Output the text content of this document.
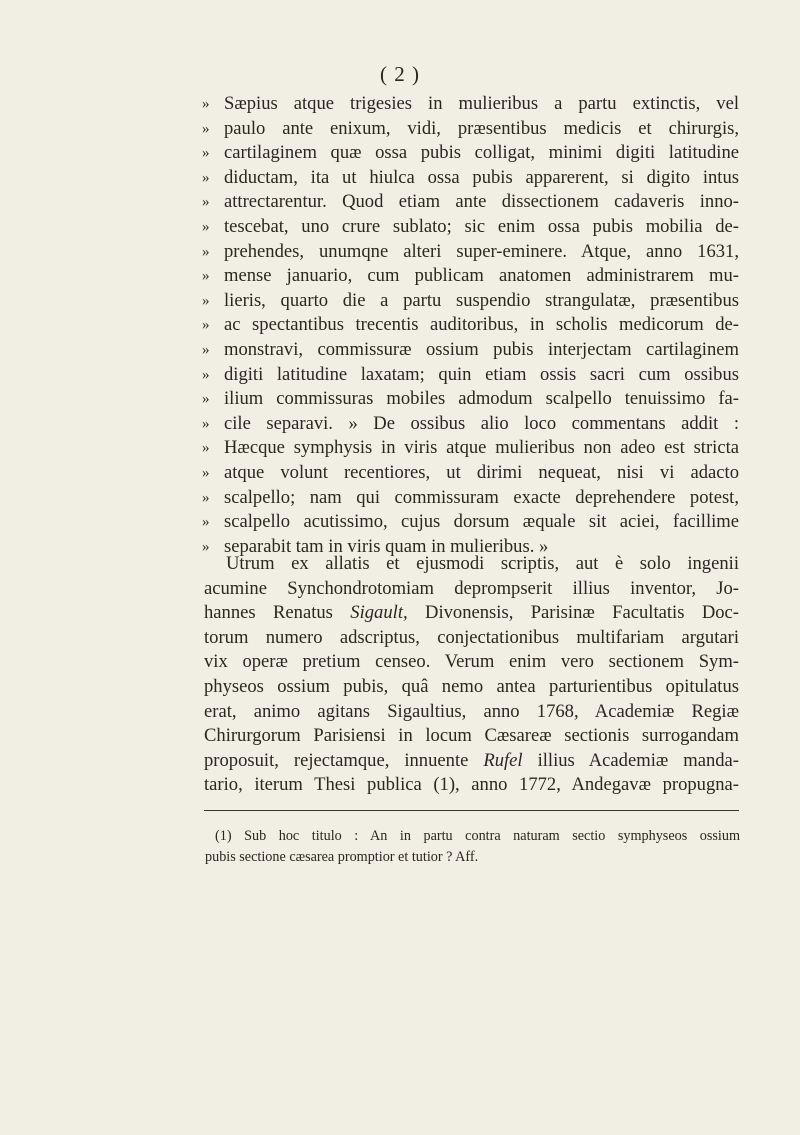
( 2 )
» Sæpius atque trigesies in mulieribus a partu extinctis, vel
» paulo ante enixum, vidi, præsentibus medicis et chirurgis,
» cartilaginem quæ ossa pubis colligat, minimi digiti latitudine
» diductam, ita ut hiulca ossa pubis apparerent, si digito intus
» attrectarentur. Quod etiam ante dissectionem cadaveris inno-
» tescebat, uno crure sublato; sic enim ossa pubis mobilia de-
» prehendes, unumqne alteri super-eminere. Atque, anno 1631,
» mense januario, cum publicam anatomen administrarem mu-
» lieris, quarto die a partu suspendio strangulatæ, præsentibus
» ac spectantibus trecentis auditoribus, in scholis medicorum de-
» monstravi, commissuræ ossium pubis interjectam cartilaginem
» digiti latitudine laxatam; quin etiam ossis sacri cum ossibus
» ilium commissuras mobiles admodum scalpello tenuissimo fa-
» cile separavi. » De ossibus alio loco commentans addit :
» Hæcque symphysis in viris atque mulieribus non adeo est stricta
» atque volunt recentiores, ut dirimi nequeat, nisi vi adacto
» scalpello; nam qui commissuram exacte deprehendere potest,
» scalpello acutissimo, cujus dorsum æquale sit aciei, facillime
» separabit tam in viris quam in mulieribus. »
Utrum ex allatis et ejusmodi scriptis, aut è solo ingenii
acumine Synchondrotomiam deprompserit illius inventor, Jo-
hannes Renatus Sigault, Divonensis, Parisinæ Facultatis Doc-
torum numero adscriptus, conjectationibus multifariam argutari
vix operæ pretium censeo. Verum enim vero sectionem Sym-
physeos ossium pubis, quâ nemo antea parturientibus opitulatus
erat, animo agitans Sigaultius, anno 1768, Academiæ Regiæ
Chirurgorum Parisiensi in locum Cæsareæ sectionis surrogandam
proposuit, rejectamque, innuente Rufel illius Academiæ manda-
tario, iterum Thesi publica (1), anno 1772, Andegavæ propugna-
(1) Sub hoc titulo : An in partu contra naturam sectio symphyseos ossium
pubis sectione cæsarea promptior et tutior ? Aff.
